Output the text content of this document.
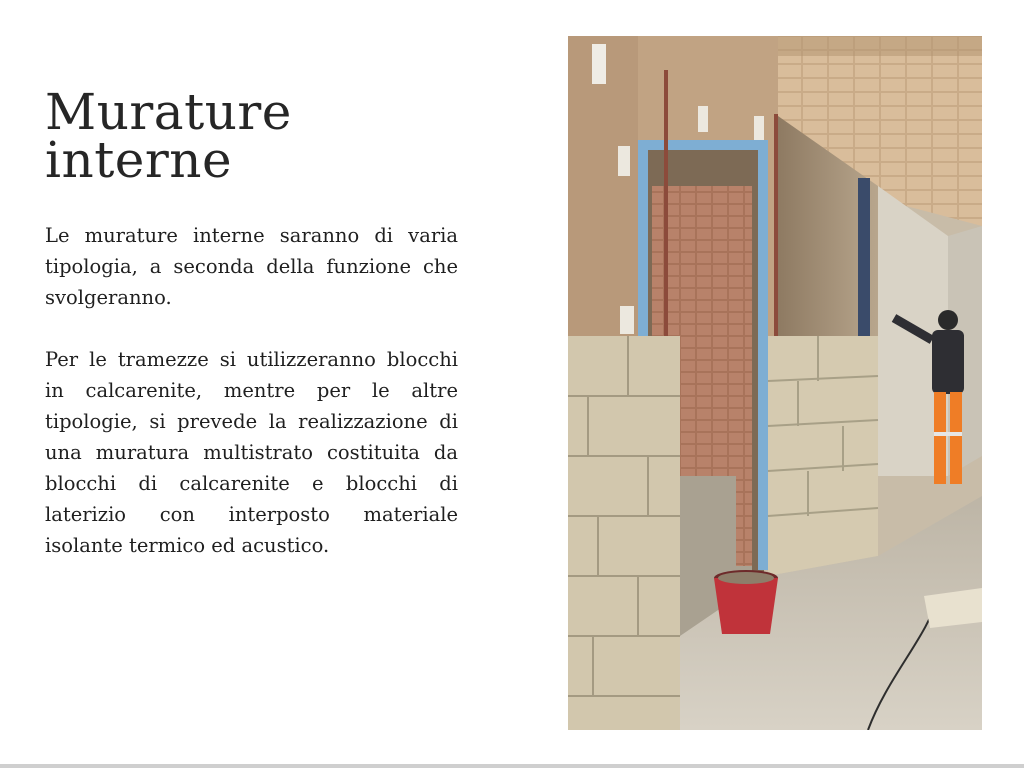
Murature
interne

Le murature interne saranno di varia tipologia, a seconda della funzione che svolgeranno.

Per le tramezze si utilizzeranno blocchi in calcarenite, mentre per le altre tipologie, si prevede la realizzazione di una muratura multistrato costituita da blocchi di calcarenite e blocchi di laterizio con interposto materiale isolante termico ed acustico.
